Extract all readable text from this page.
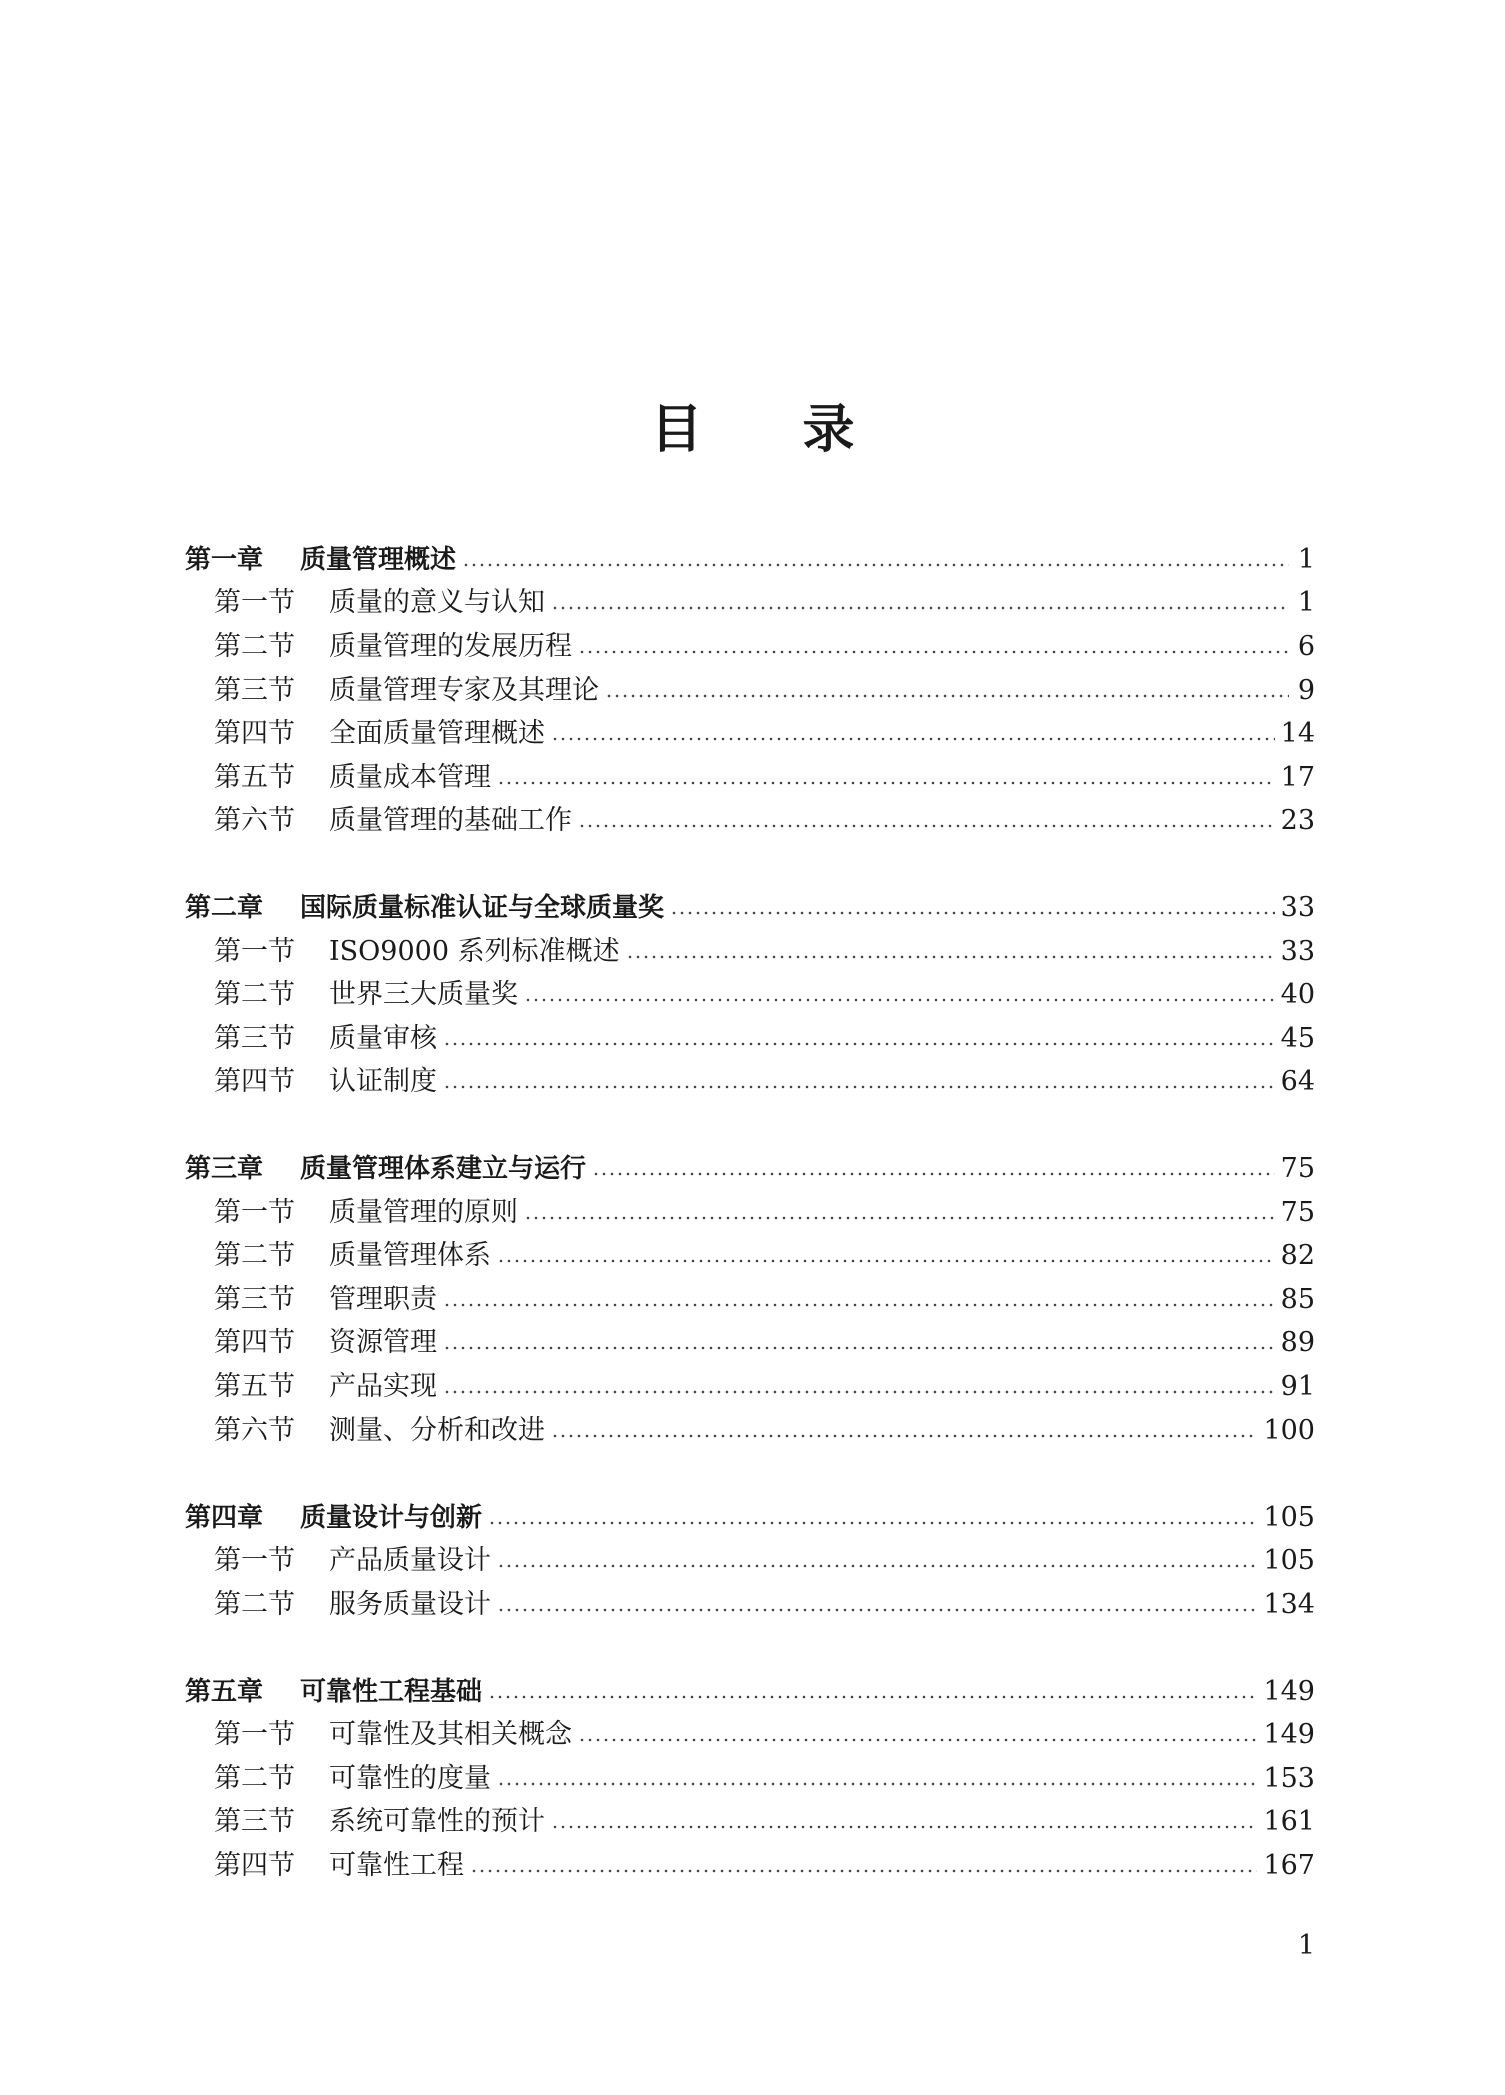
目 录
第一章	质量管理概述	1
第一节	质量的意义与认知	1
第二节	质量管理的发展历程	6
第三节	质量管理专家及其理论	9
第四节	全面质量管理概述	14
第五节	质量成本管理	17
第六节	质量管理的基础工作	23
第二章	国际质量标准认证与全球质量奖	33
第一节	ISO9000 系列标准概述	33
第二节	世界三大质量奖	40
第三节	质量审核	45
第四节	认证制度	64
第三章	质量管理体系建立与运行	75
第一节	质量管理的原则	75
第二节	质量管理体系	82
第三节	管理职责	85
第四节	资源管理	89
第五节	产品实现	91
第六节	测量、分析和改进	100
第四章	质量设计与创新	105
第一节	产品质量设计	105
第二节	服务质量设计	134
第五章	可靠性工程基础	149
第一节	可靠性及其相关概念	149
第二节	可靠性的度量	153
第三节	系统可靠性的预计	161
第四节	可靠性工程	167
1
